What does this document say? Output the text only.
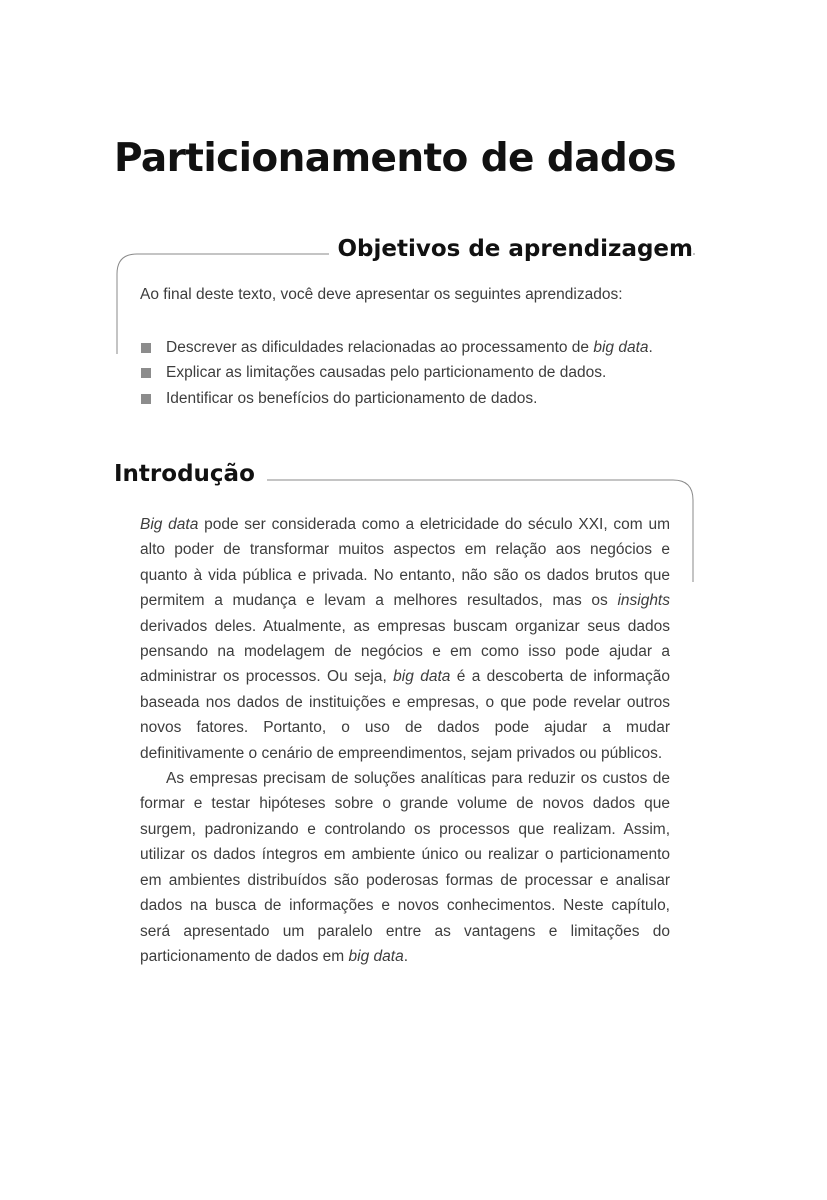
Particionamento de dados
Objetivos de aprendizagem

Ao final deste texto, você deve apresentar os seguintes aprendizados:

Descrever as dificuldades relacionadas ao processamento de big data.
Explicar as limitações causadas pelo particionamento de dados.
Identificar os benefícios do particionamento de dados.
Introdução

Big data pode ser considerada como a eletricidade do século XXI, com um alto poder de transformar muitos aspectos em relação aos negócios e quanto à vida pública e privada. No entanto, não são os dados brutos que permitem a mudança e levam a melhores resultados, mas os insights derivados deles. Atualmente, as empresas buscam organizar seus dados pensando na modelagem de negócios e em como isso pode ajudar a administrar os processos. Ou seja, big data é a descoberta de informação baseada nos dados de instituições e empresas, o que pode revelar outros novos fatores. Portanto, o uso de dados pode ajudar a mudar definitivamente o cenário de empreendimentos, sejam privados ou públicos.

As empresas precisam de soluções analíticas para reduzir os custos de formar e testar hipóteses sobre o grande volume de novos dados que surgem, padronizando e controlando os processos que realizam. Assim, utilizar os dados íntegros em ambiente único ou realizar o particionamento em ambientes distribuídos são poderosas formas de processar e analisar dados na busca de informações e novos conhecimentos. Neste capítulo, será apresentado um paralelo entre as vantagens e limitações do particionamento de dados em big data.
